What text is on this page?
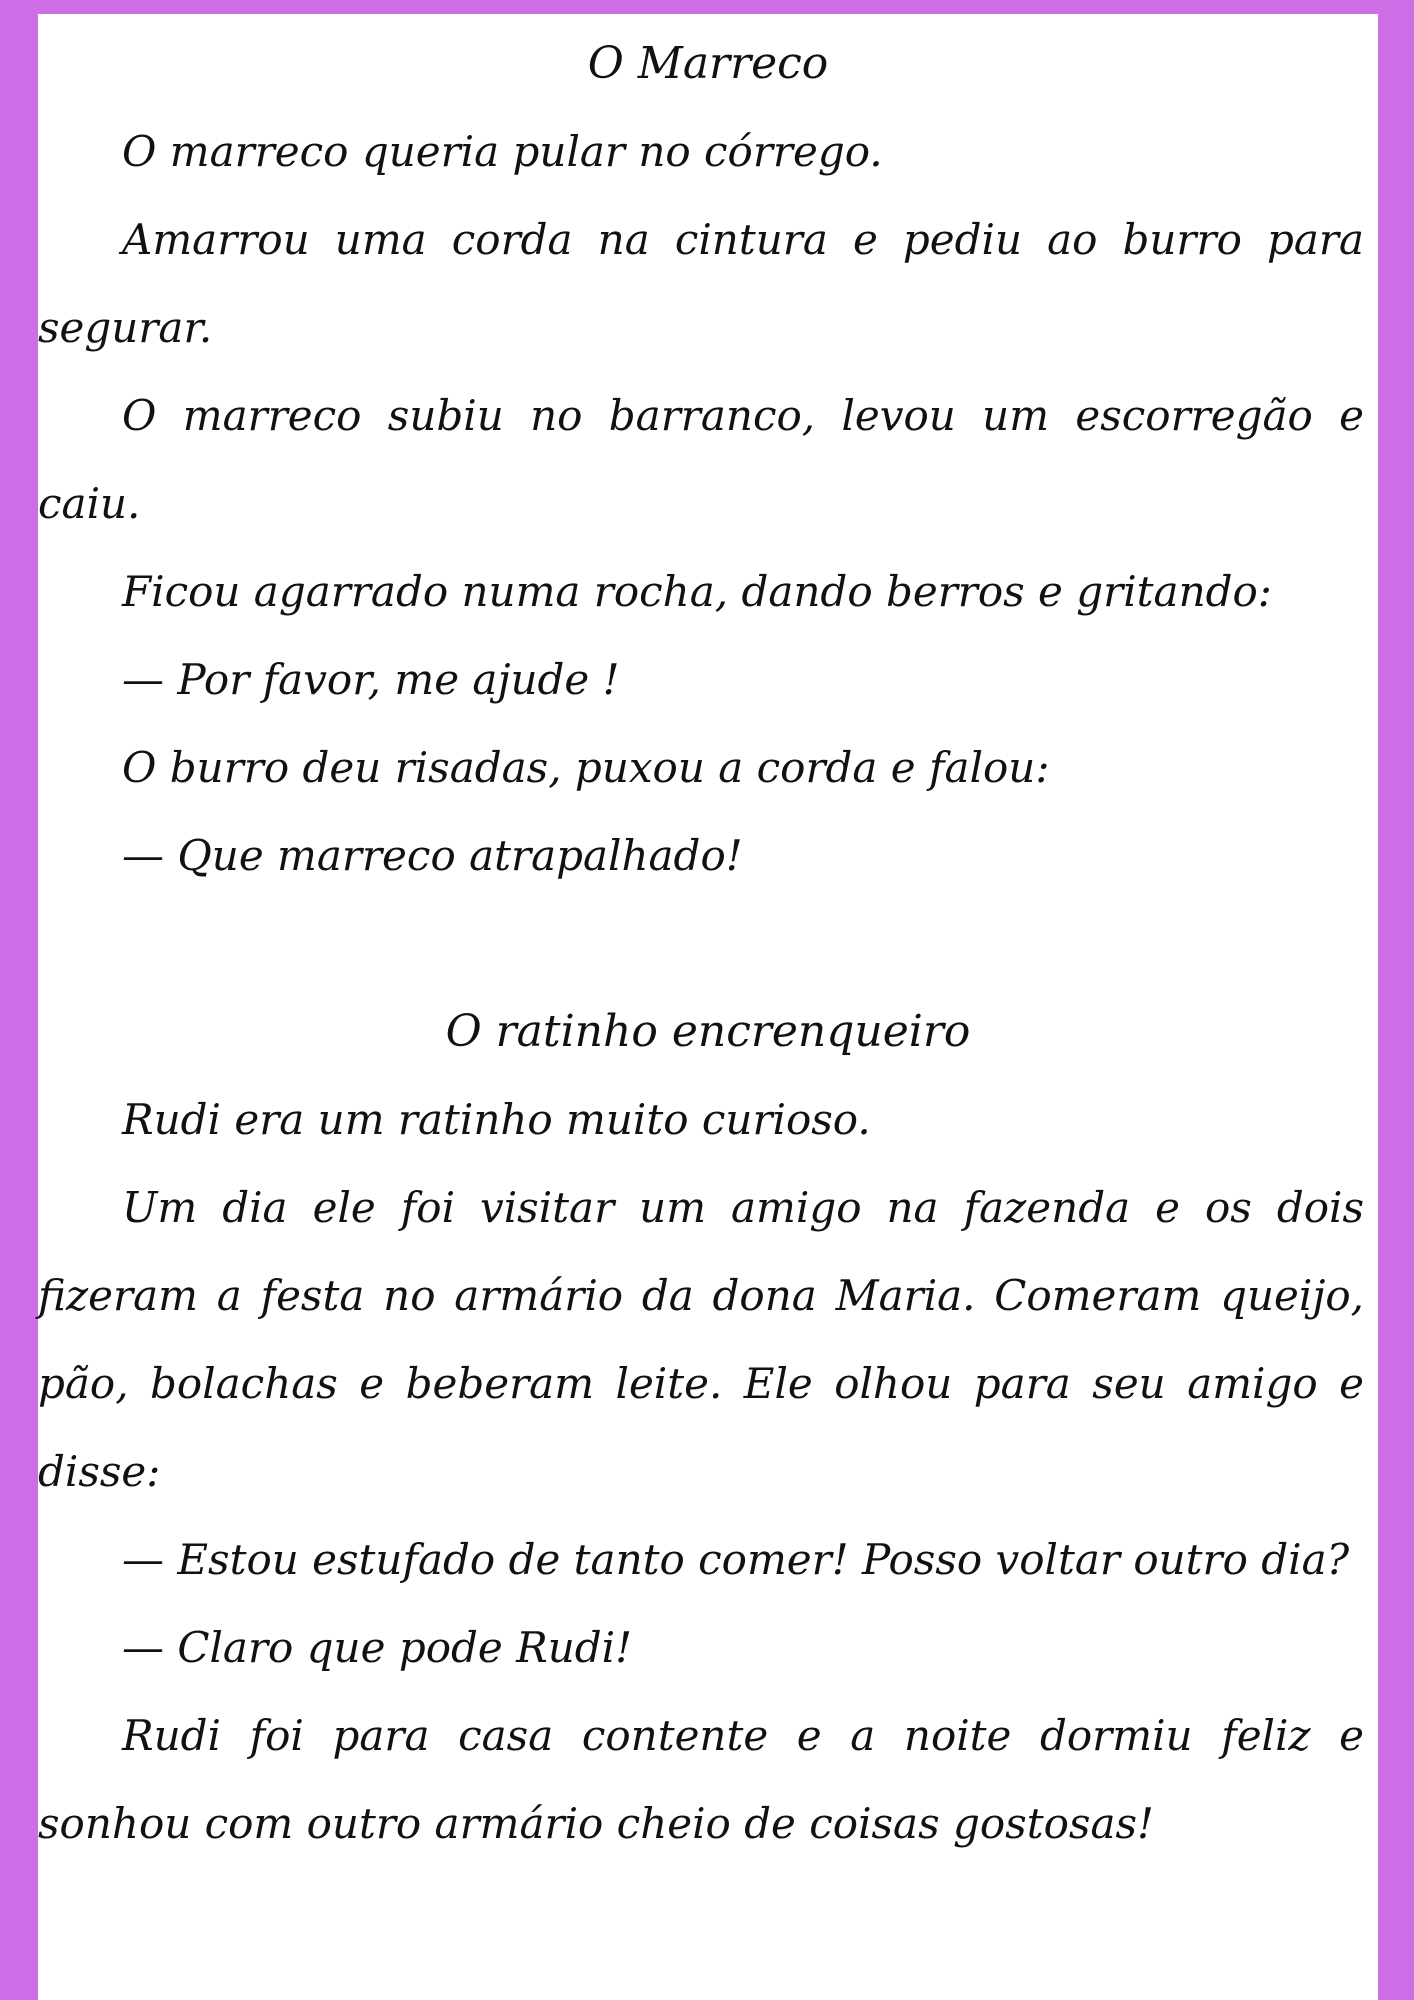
O Marreco

O marreco queria pular no córrego.

Amarrou uma corda na cintura e pediu ao burro para segurar.

O marreco subiu no barranco, levou um escorregão e caiu.

Ficou agarrado numa rocha, dando berros e gritando:

— Por favor, me ajude !

O burro deu risadas, puxou a corda e falou:

— Que marreco atrapalhado!

O ratinho encrenqueiro

Rudi era um ratinho muito curioso.

Um dia ele foi visitar um amigo na fazenda e os dois fizeram a festa no armário da dona Maria. Comeram queijo, pão, bolachas e beberam leite. Ele olhou para seu amigo e disse:

— Estou estufado de tanto comer! Posso voltar outro dia?

— Claro que pode Rudi!

Rudi foi para casa contente e a noite dormiu feliz e sonhou com outro armário cheio de coisas gostosas!
